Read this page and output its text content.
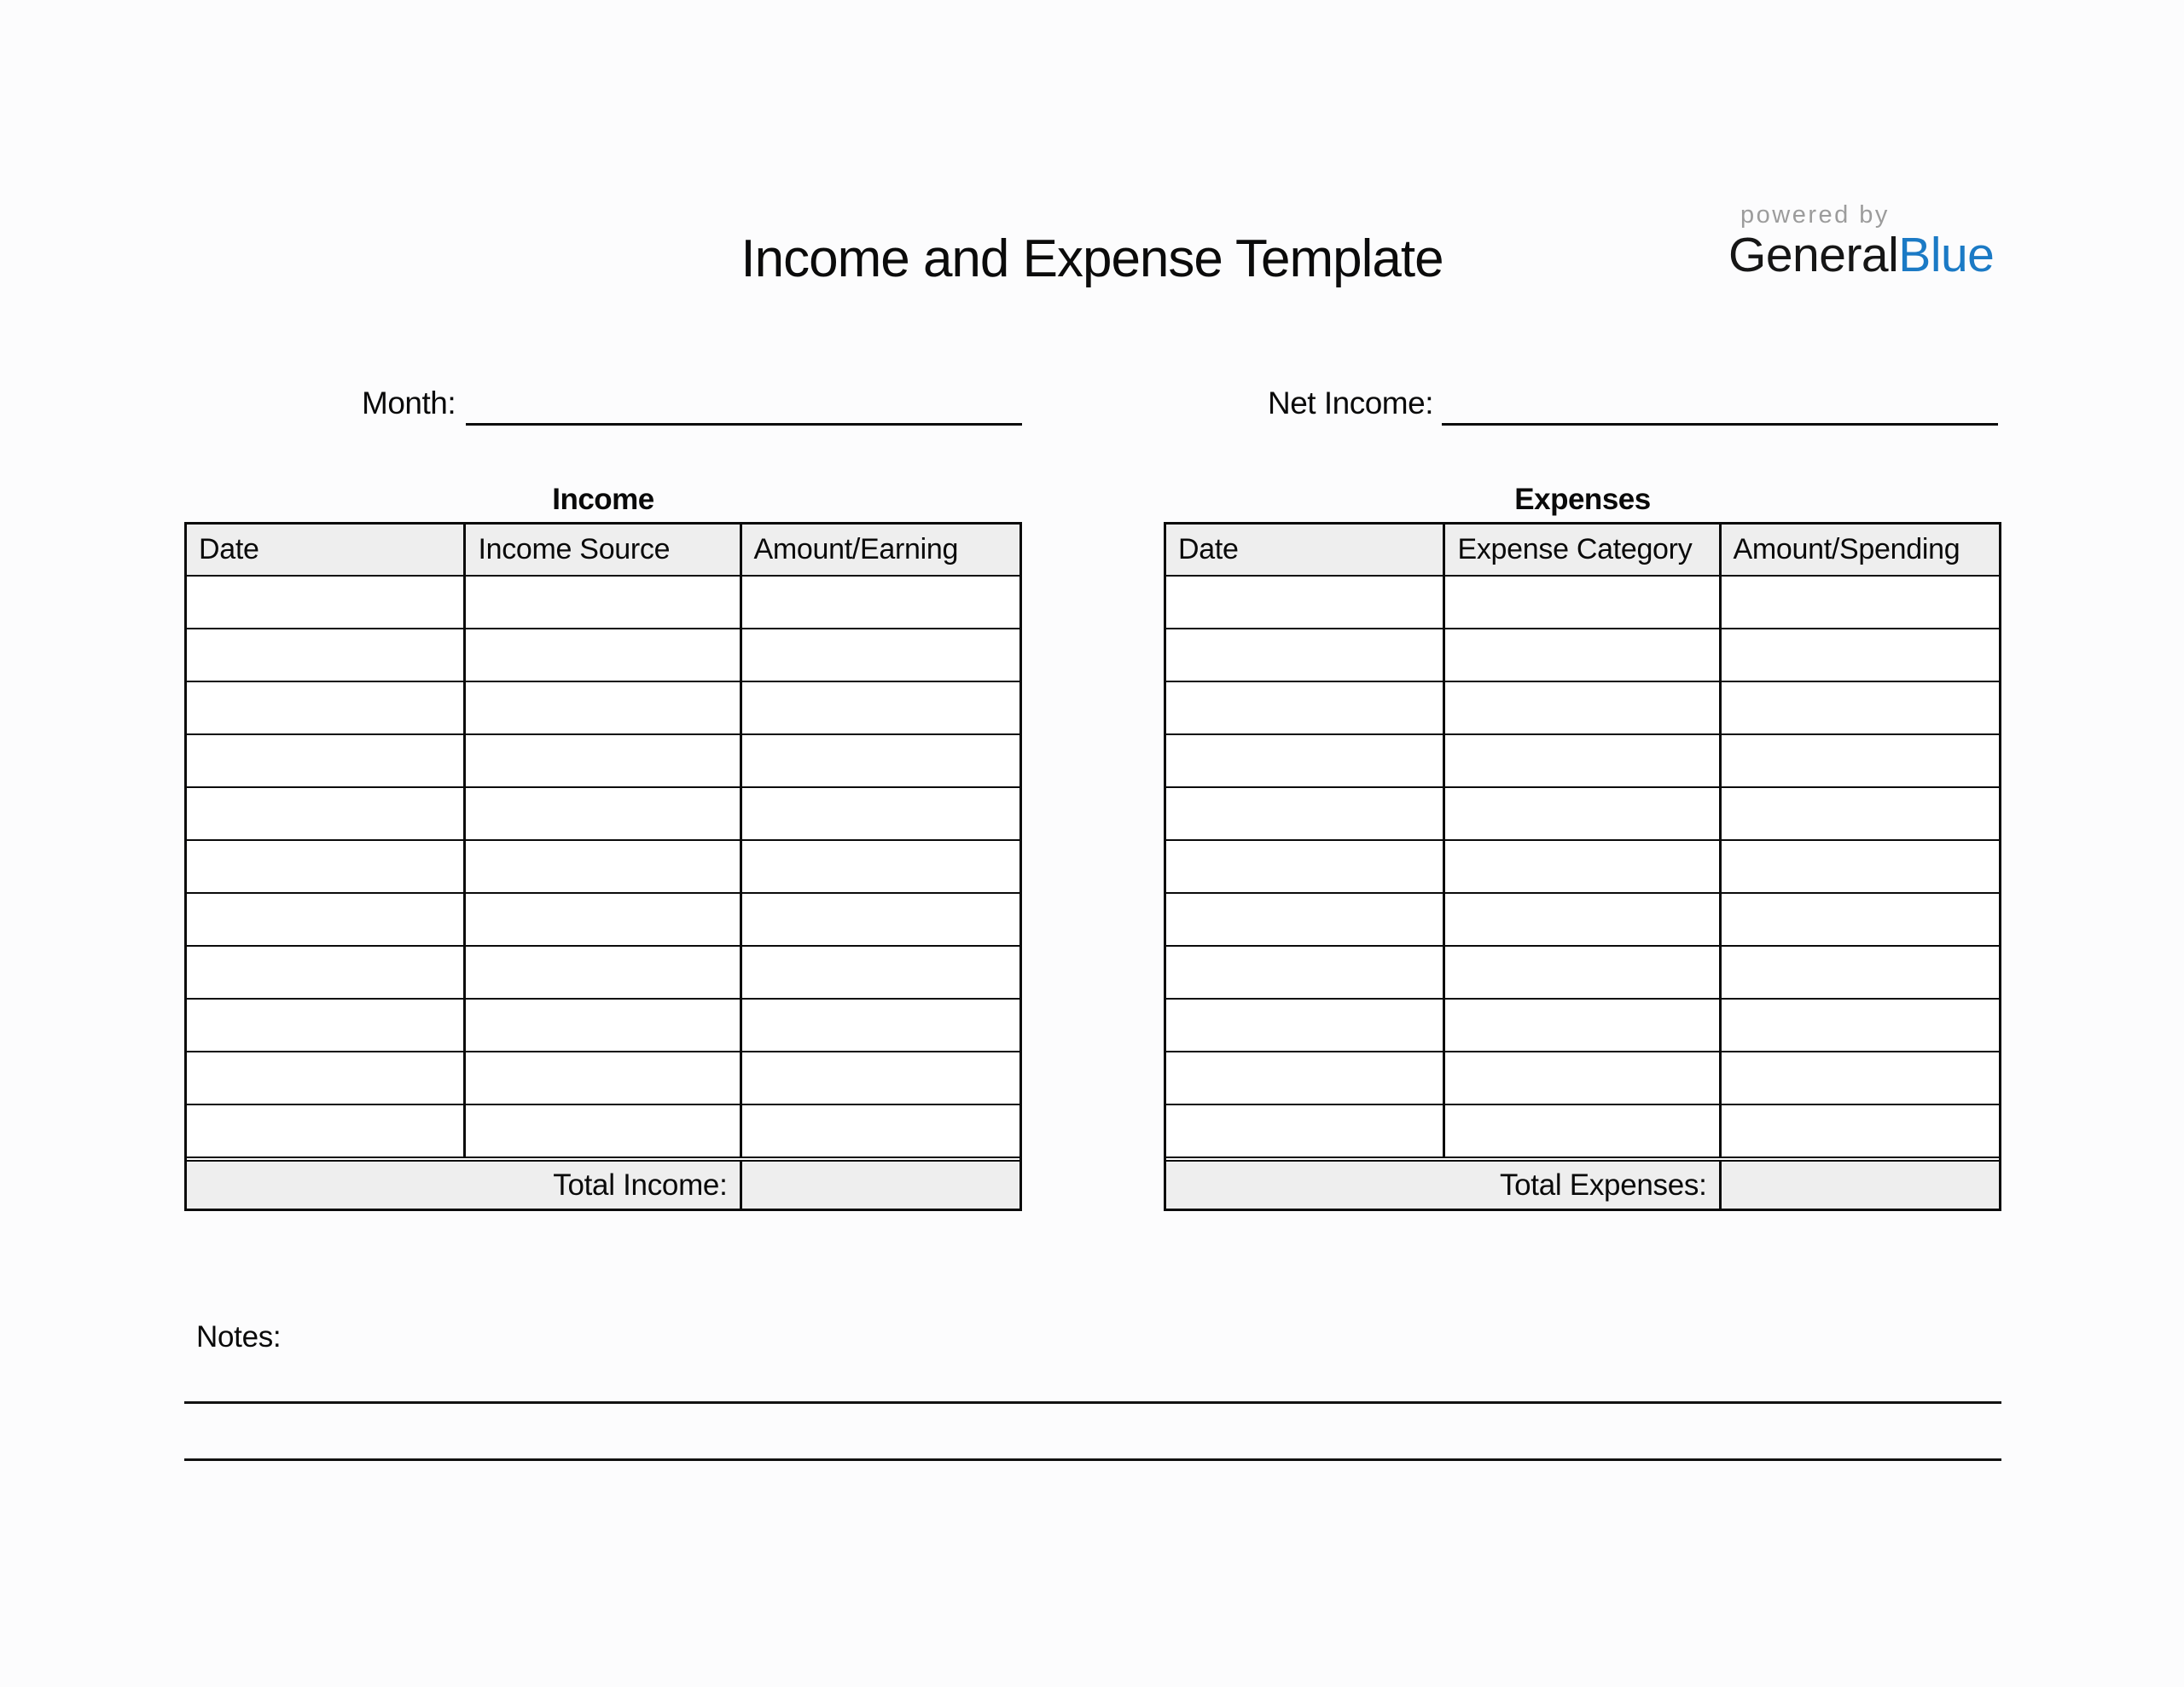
Income and Expense Template
powered by
GeneralBlue
Month:	Net Income:
Income
Date	Income Source	Amount/Earning

Total Income:	
Expenses
Date	Expense Category	Amount/Spending

Total Expenses:	
Notes:
